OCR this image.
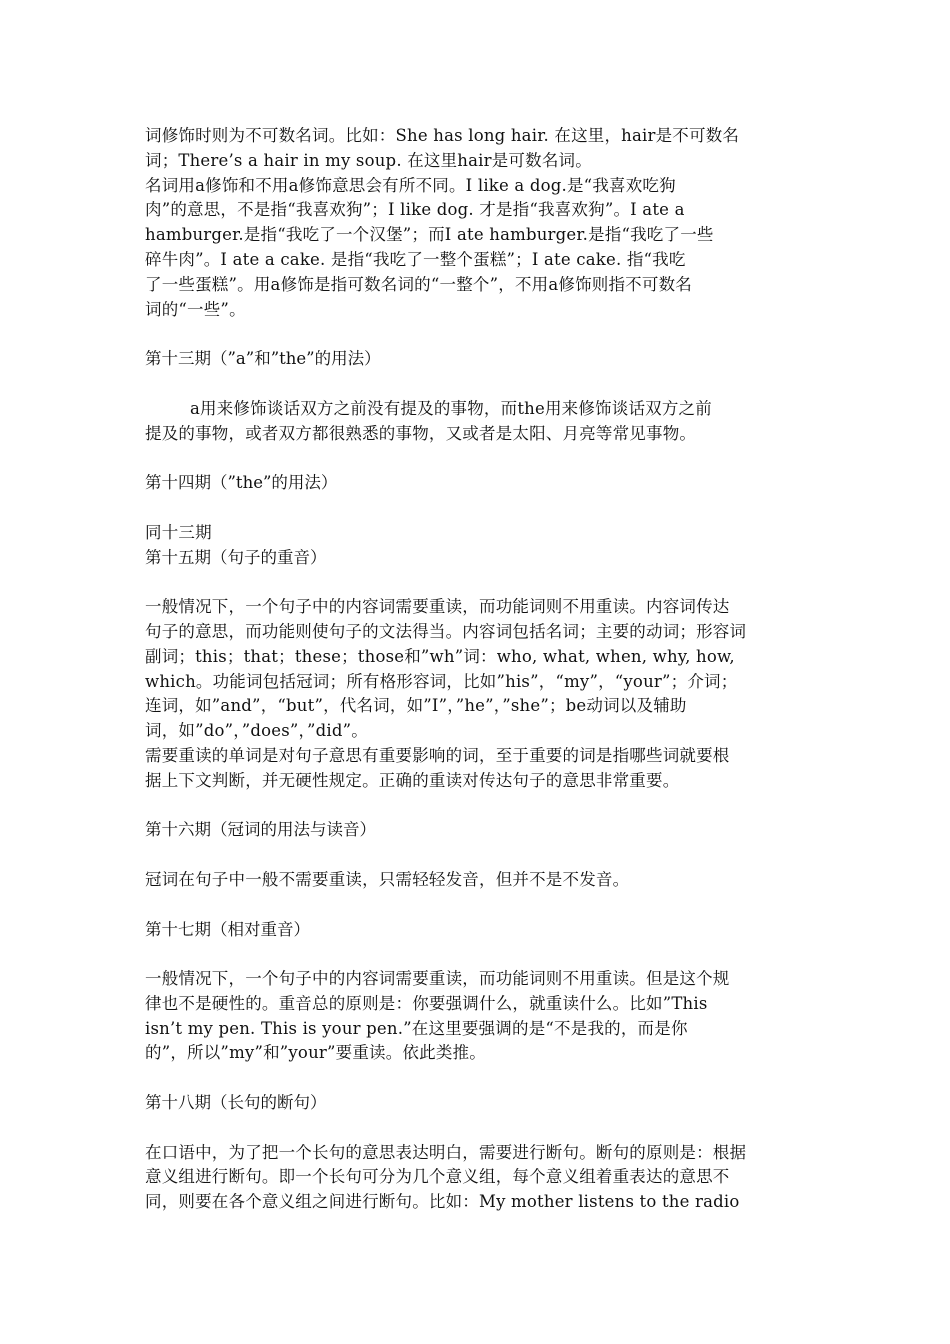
词修饰时则为不可数名词。比如：She has long hair. 在这里，hair是不可数名
词；There’s a hair in my soup. 在这里hair是可数名词。
名词用a修饰和不用a修饰意思会有所不同。I like a dog.是“我喜欢吃狗
肉”的意思，不是指“我喜欢狗”；I like dog. 才是指“我喜欢狗”。I ate a
hamburger.是指“我吃了一个汉堡”；而I ate hamburger.是指“我吃了一些
碎牛肉”。I ate a cake. 是指“我吃了一整个蛋糕”；I ate cake. 指“我吃
了一些蛋糕”。用a修饰是指可数名词的“一整个”，不用a修饰则指不可数名
词的“一些”。
第十三期（”a”和”the”的用法）
a用来修饰谈话双方之前没有提及的事物，而the用来修饰谈话双方之前
提及的事物，或者双方都很熟悉的事物，又或者是太阳、月亮等常见事物。
第十四期（”the”的用法）
同十三期
第十五期（句子的重音）
一般情况下，一个句子中的内容词需要重读，而功能词则不用重读。内容词传达
句子的意思，而功能则使句子的文法得当。内容词包括名词；主要的动词；形容词
副词；this；that；these；those和”wh”词：who, what, when, why, how,
which。功能词包括冠词；所有格形容词，比如”his”，“my”，“your”；介词；
连词，如”and”，“but”，代名词，如”I”，”he”，”she”；be动词以及辅助
词，如”do”，”does”，”did”。
需要重读的单词是对句子意思有重要影响的词，至于重要的词是指哪些词就要根
据上下文判断，并无硬性规定。正确的重读对传达句子的意思非常重要。
第十六期（冠词的用法与读音）
冠词在句子中一般不需要重读，只需轻轻发音，但并不是不发音。
第十七期（相对重音）
一般情况下，一个句子中的内容词需要重读，而功能词则不用重读。但是这个规
律也不是硬性的。重音总的原则是：你要强调什么，就重读什么。比如”This
isn’t my pen. This is your pen.”在这里要强调的是“不是我的，而是你
的”，所以”my”和”your”要重读。依此类推。
第十八期（长句的断句）
在口语中，为了把一个长句的意思表达明白，需要进行断句。断句的原则是：根据
意义组进行断句。即一个长句可分为几个意义组，每个意义组着重表达的意思不
同，则要在各个意义组之间进行断句。比如：My mother listens to the radio
